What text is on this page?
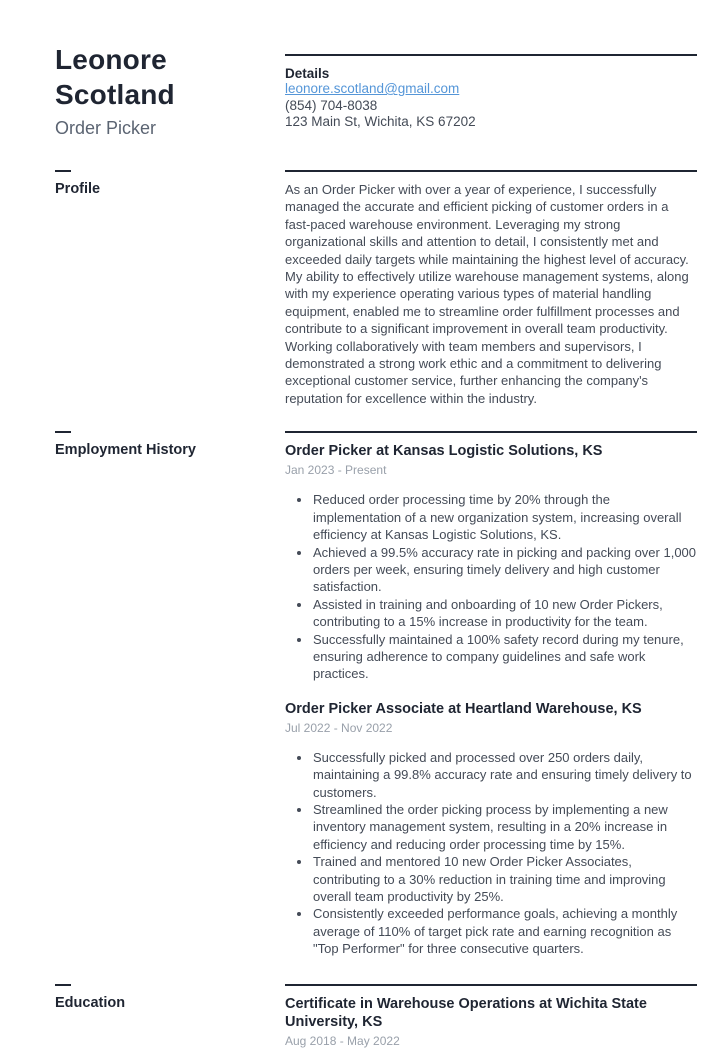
Leonore Scotland
Order Picker
Details
leonore.scotland@gmail.com
(854) 704-8038
123 Main St, Wichita, KS 67202
Profile	As an Order Picker with over a year of experience, I successfully managed the accurate and efficient picking of customer orders in a fast-paced warehouse environment. Leveraging my strong organizational skills and attention to detail, I consistently met and exceeded daily targets while maintaining the highest level of accuracy. My ability to effectively utilize warehouse management systems, along with my experience operating various types of material handling equipment, enabled me to streamline order fulfillment processes and contribute to a significant improvement in overall team productivity. Working collaboratively with team members and supervisors, I demonstrated a strong work ethic and a commitment to delivering exceptional customer service, further enhancing the company's reputation for excellence within the industry.
Employment History	Order Picker at Kansas Logistic Solutions, KS
Jan 2023 - Present
• Reduced order processing time by 20% through the implementation of a new organization system, increasing overall efficiency at Kansas Logistic Solutions, KS.
• Achieved a 99.5% accuracy rate in picking and packing over 1,000 orders per week, ensuring timely delivery and high customer satisfaction.
• Assisted in training and onboarding of 10 new Order Pickers, contributing to a 15% increase in productivity for the team.
• Successfully maintained a 100% safety record during my tenure, ensuring adherence to company guidelines and safe work practices.
Order Picker Associate at Heartland Warehouse, KS
Jul 2022 - Nov 2022
• Successfully picked and processed over 250 orders daily, maintaining a 99.8% accuracy rate and ensuring timely delivery to customers.
• Streamlined the order picking process by implementing a new inventory management system, resulting in a 20% increase in efficiency and reducing order processing time by 15%.
• Trained and mentored 10 new Order Picker Associates, contributing to a 30% reduction in training time and improving overall team productivity by 25%.
• Consistently exceeded performance goals, achieving a monthly average of 110% of target pick rate and earning recognition as "Top Performer" for three consecutive quarters.
Education	Certificate in Warehouse Operations at Wichita State University, KS
Aug 2018 - May 2022
